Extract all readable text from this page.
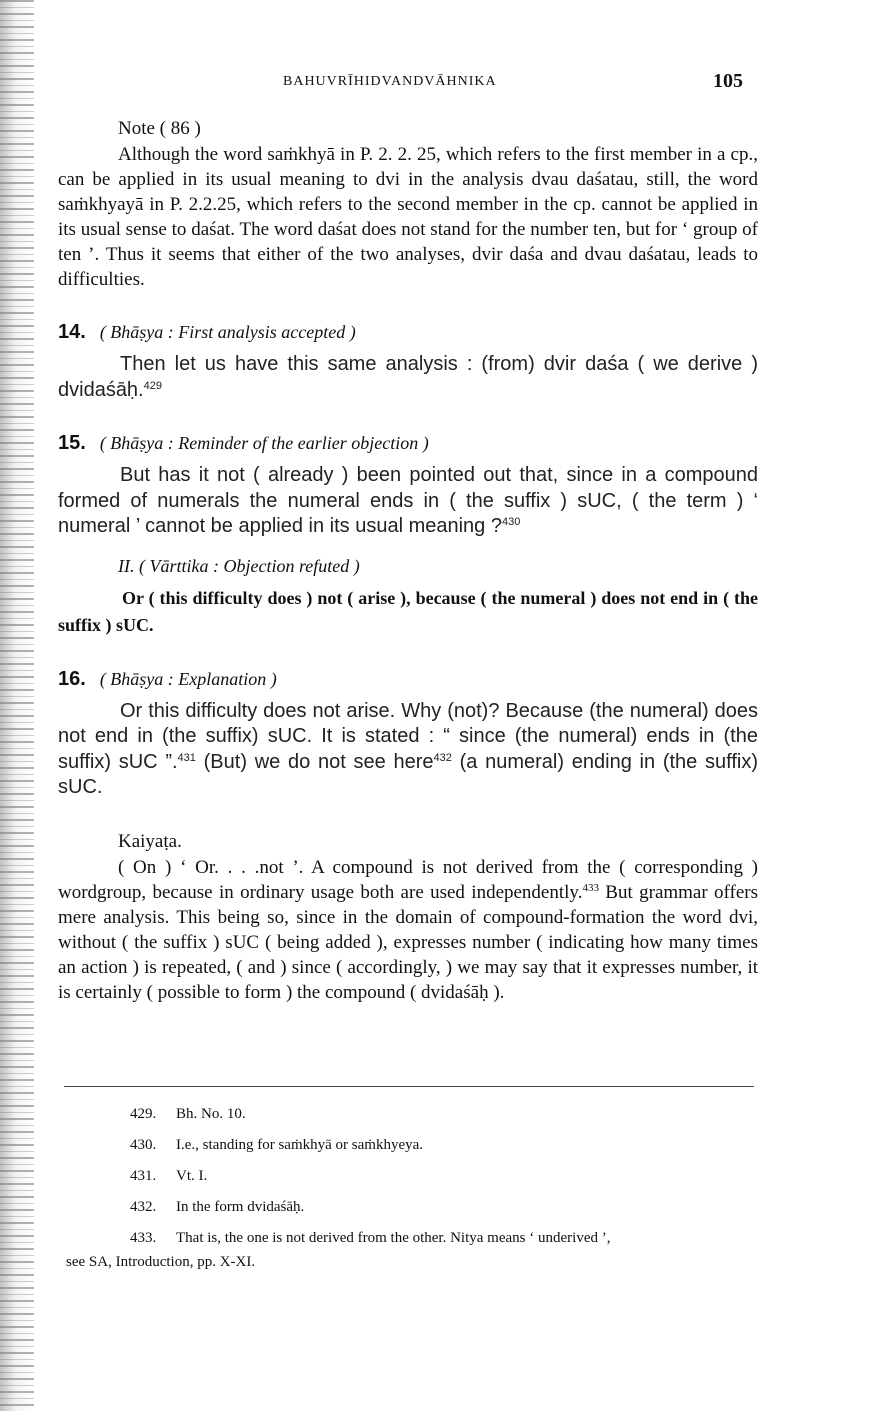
BAHUVRĪHIDVANDVĀHNIKA	105
Note ( 86 )

Although the word saṁkhyā in P. 2. 2. 25, which refers to the first member in a cp., can be applied in its usual meaning to dvi in the analysis dvau daśatau, still, the word saṁkhyayā in P. 2.2.25, which refers to the second member in the cp. cannot be applied in its usual sense to daśat. The word daśat does not stand for the number ten, but for ‘ group of ten ’. Thus it seems that either of the two analyses, dvir daśa and dvau daśatau, leads to difficulties.

14. ( Bhāṣya : First analysis accepted )

Then let us have this same analysis : (from) dvir daśa ( we derive ) dvidaśāḥ.$^{429}$

15. ( Bhāṣya : Reminder of the earlier objection )

But has it not ( already ) been pointed out that, since in a compound formed of numerals the numeral ends in ( the suffix ) sUC, ( the term ) ‘ numeral ’ cannot be applied in its usual meaning ?$^{430}$

II. ( Vārttika : Objection refuted )

Or ( this difficulty does ) not ( arise ), because ( the numeral ) does not end in ( the suffix ) sUC.

16. ( Bhāṣya : Explanation )

Or this difficulty does not arise. Why (not)? Because (the numeral) does not end in (the suffix) sUC. It is stated : “ since (the numeral) ends in (the suffix) sUC ”.$^{431}$ (But) we do not see here$^{432}$ (a numeral) ending in (the suffix) sUC.

Kaiyaṭa.

( On ) ‘ Or. . . .not ’. A compound is not derived from the ( corresponding ) wordgroup, because in ordinary usage both are used independently.$^{433}$ But grammar offers mere analysis. This being so, since in the domain of compound-formation the word dvi, without ( the suffix ) sUC ( being added ), expresses number ( indicating how many times an action ) is repeated, ( and ) since ( accordingly, ) we may say that it expresses number, it is certainly ( possible to form ) the compound ( dvidaśāḥ ).

429. Bh. No. 10.
430. I.e., standing for saṁkhyā or saṁkhyeya.
431. Vt. I.
432. In the form dvidaśāḥ.
433. That is, the one is not derived from the other. Nitya means ‘ underived ’,
see SA, Introduction, pp. X-XI.
